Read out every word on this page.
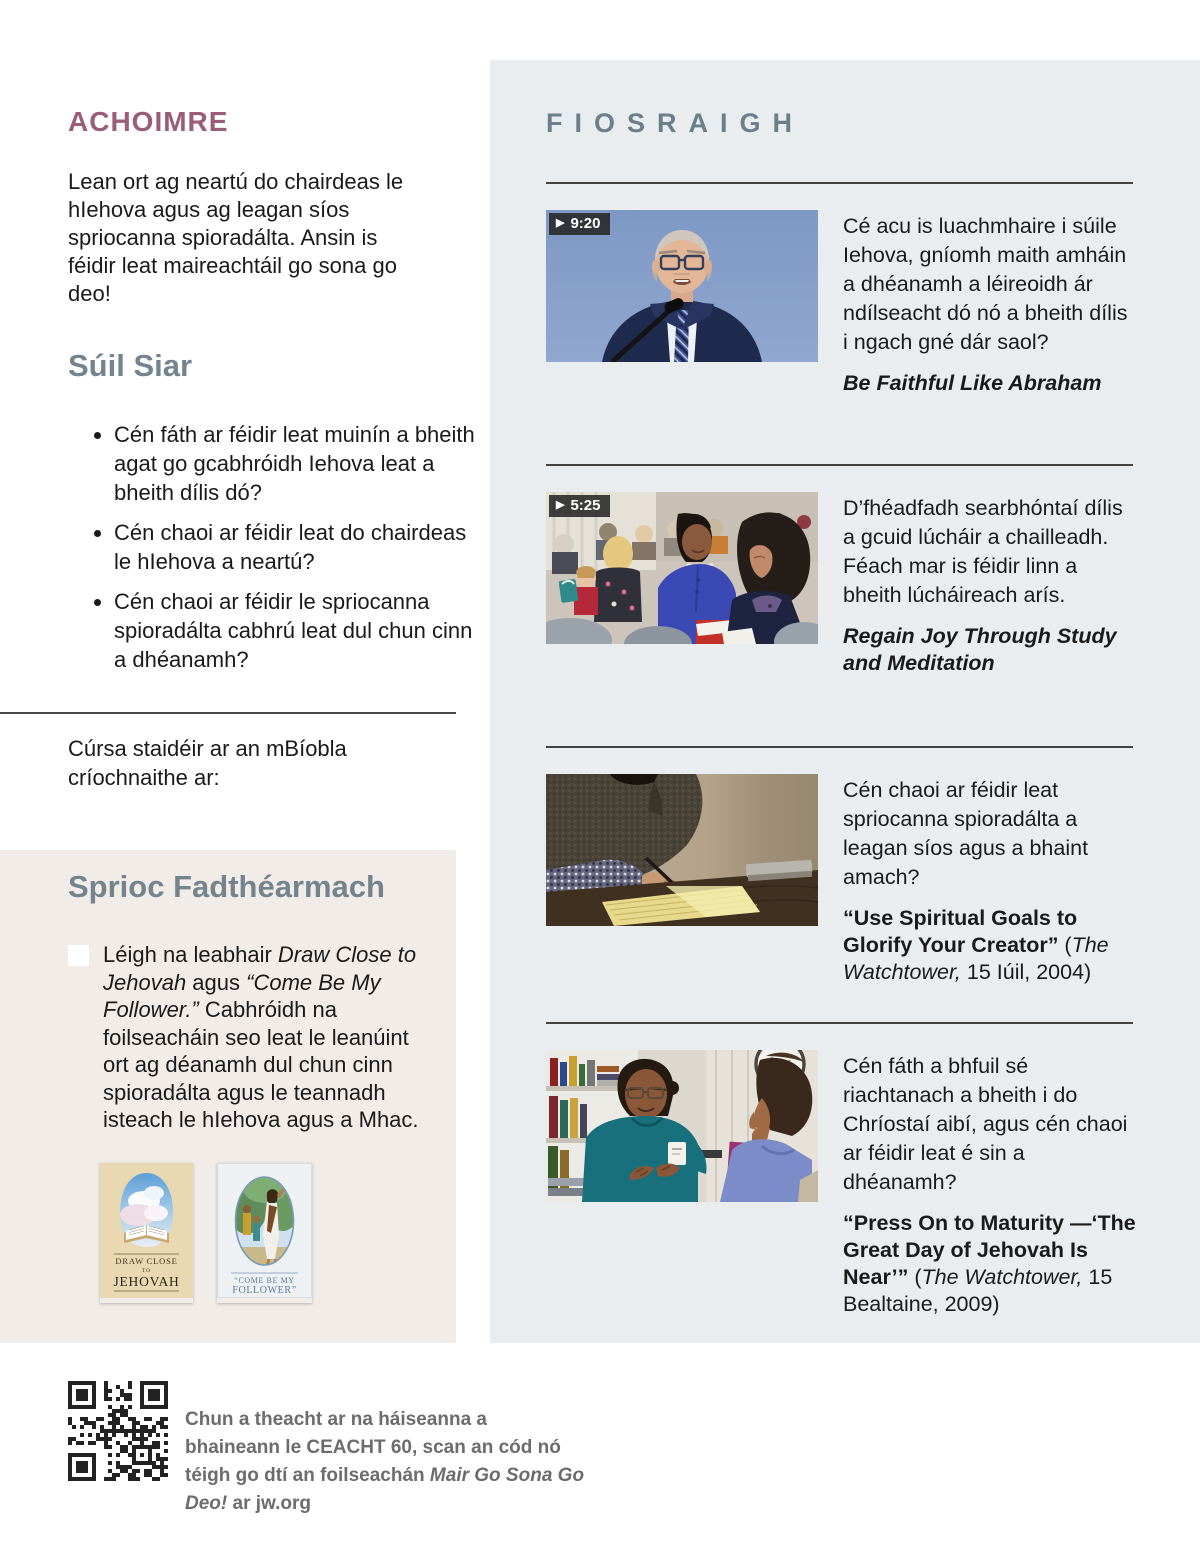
ACHOIMRE

Lean ort ag neartú do chairdeas le hIehova agus ag leagan síos spriocanna spioradálta. Ansin is féidir leat maireachtáil go sona go deo!

Súil Siar
• Cén fáth ar féidir leat muinín a bheith agat go gcabhróidh Iehova leat a bheith dílis dó?
• Cén chaoi ar féidir leat do chairdeas le hIehova a neartú?
• Cén chaoi ar féidir le spriocanna spioradálta cabhrú leat dul chun cinn a dhéanamh?

Cúrsa staidéir ar an mBíobla críochnaithe ar:

Sprioc Fadthéarmach

Léigh na leabhair Draw Close to Jehovah agus “Come Be My Follower.” Cabhróidh na foilseacháin seo leat le leanúint ort ag déanamh dul chun cinn spioradálta agus le teannadh isteach le hIehova agus a Mhac.

DRAW CLOSE
TO
JEHOVAH
	“COME BE MY
FOLLOWER”

Chun a theacht ar na háiseanna a bhaineann le CEACHT 60, scan an cód nó téigh go dtí an foilseachán Mair Go Sona Go Deo! ar jw.org

FIOSRAIGH
▶ 9:20	Cé acu is luachmhaire i súile Iehova, gníomh maith amháin a dhéanamh a léireoidh ár ndílseacht dó nó a bheith dílis i ngach gné dár saol?

Be Faithful Like Abraham

▶ 5:25	D’fhéadfadh searbhóntaí dílis a gcuid lúcháir a chailleadh. Féach mar is féidir linn a bheith lúcháireach arís.

Regain Joy Through Study and Meditation

Cén chaoi ar féidir leat spriocanna spioradálta a leagan síos agus a bhaint amach?

“Use Spiritual Goals to Glorify Your Creator” (The Watchtower, 15 Iúil, 2004)

Cén fáth a bhfuil sé riachtanach a bheith i do Chríostaí aibí, agus cén chaoi ar féidir leat é sin a dhéanamh?

“Press On to Maturity —‘The Great Day of Jehovah Is Near’” (The Watchtower, 15 Bealtaine, 2009)
